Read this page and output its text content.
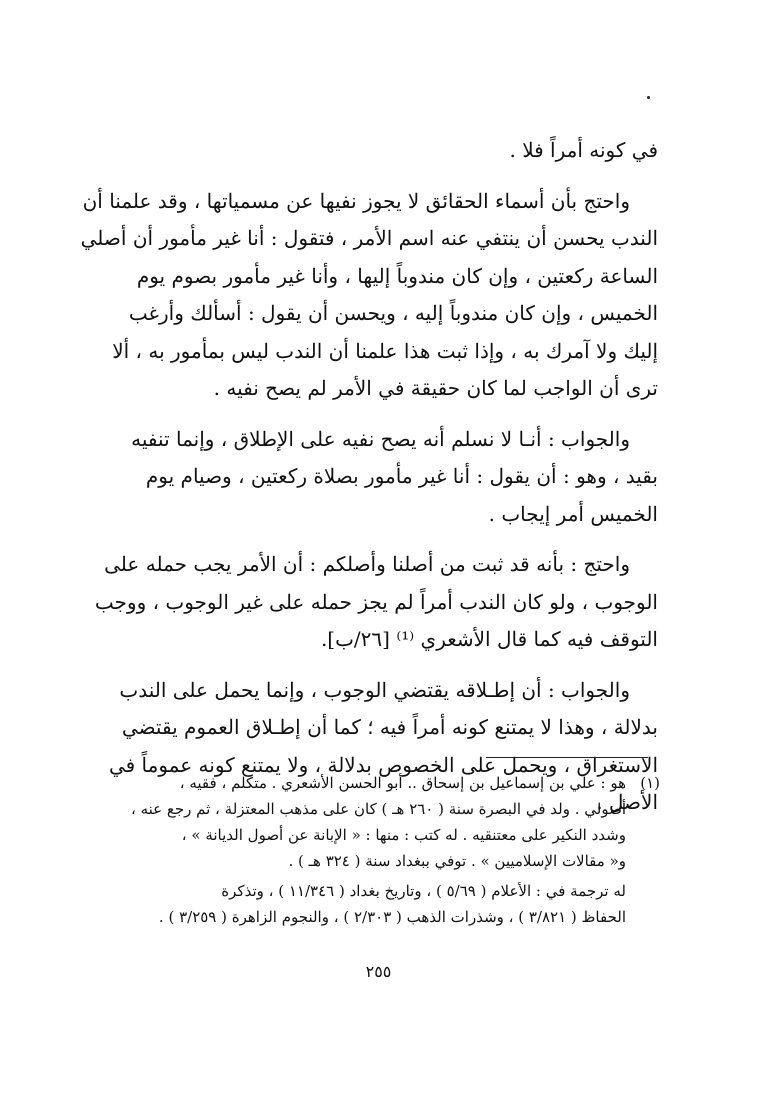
في كونه أمراً فلا .
واحتج بأن أسماء الحقائق لا يجوز نفيها عن مسمياتها ، وقد علمنا أن
الندب يحسن أن ينتفي عنه اسم الأمر ، فتقول : أنا غير مأمور أن أصلي
الساعة ركعتين ، وإن كان مندوباً إليها ، وأنا غير مأمور بصوم يوم
الخميس ، وإن كان مندوباً إليه ، ويحسن أن يقول : أسألك وأرغب
إليك ولا آمرك به ، وإذا ثبت هذا علمنا أن الندب ليس بمأمور به ، ألا
ترى أن الواجب لما كان حقيقة في الأمر لم يصح نفيه .
والجواب : أنـا لا نسلم أنه يصح نفيه على الإطلاق ، وإنما تنفيه
بقيد ، وهو : أن يقول : أنا غير مأمور بصلاة ركعتين ، وصيام يوم
الخميس أمر إيجاب .
واحتج : بأنه قد ثبت من أصلنا وأصلكم : أن الأمر يجب حمله على
الوجوب ، ولو كان الندب أمراً لم يجز حمله على غير الوجوب ، ووجب
التوقف فيه كما قال الأشعري ⁽¹⁾ [٢٦/ب].
والجواب : أن إطـلاقه يقتضي الوجوب ، وإنما يحمل على الندب
بدلالة ، وهذا لا يمتنع كونه أمراً فيه ؛ كما أن إطـلاق العموم يقتضي
الاستغراق ، ويحمل على الخصوص بدلالة ، ولا يمتنع كونه عموماً في
الأصل .
(١)
هو : علي بن إسماعيل بن إسحاق .. أبو الحسن الأشعري . متكلم ، فقيه ،
أصولي . ولد في البصرة سنة ( ٢٦٠ هـ ) كان على مذهب المعتزلة ، ثم رجع عنه ،
وشدد النكير على معتنقيه . له كتب : منها : « الإبانة عن أصول الديانة » ،
و« مقالات الإسلاميين » . توفي ببغداد سنة ( ٣٢٤ هـ ) .
له ترجمة في : الأعلام ( ٥/٦٩ ) ، وتاريخ بغداد ( ١١/٣٤٦ ) ، وتذكرة
الحفاظ ( ٣/٨٢١ ) ، وشذرات الذهب ( ٢/٣٠٣ ) ، والنجوم الزاهرة ( ٣/٢٥٩ ) .
٢٥٥
